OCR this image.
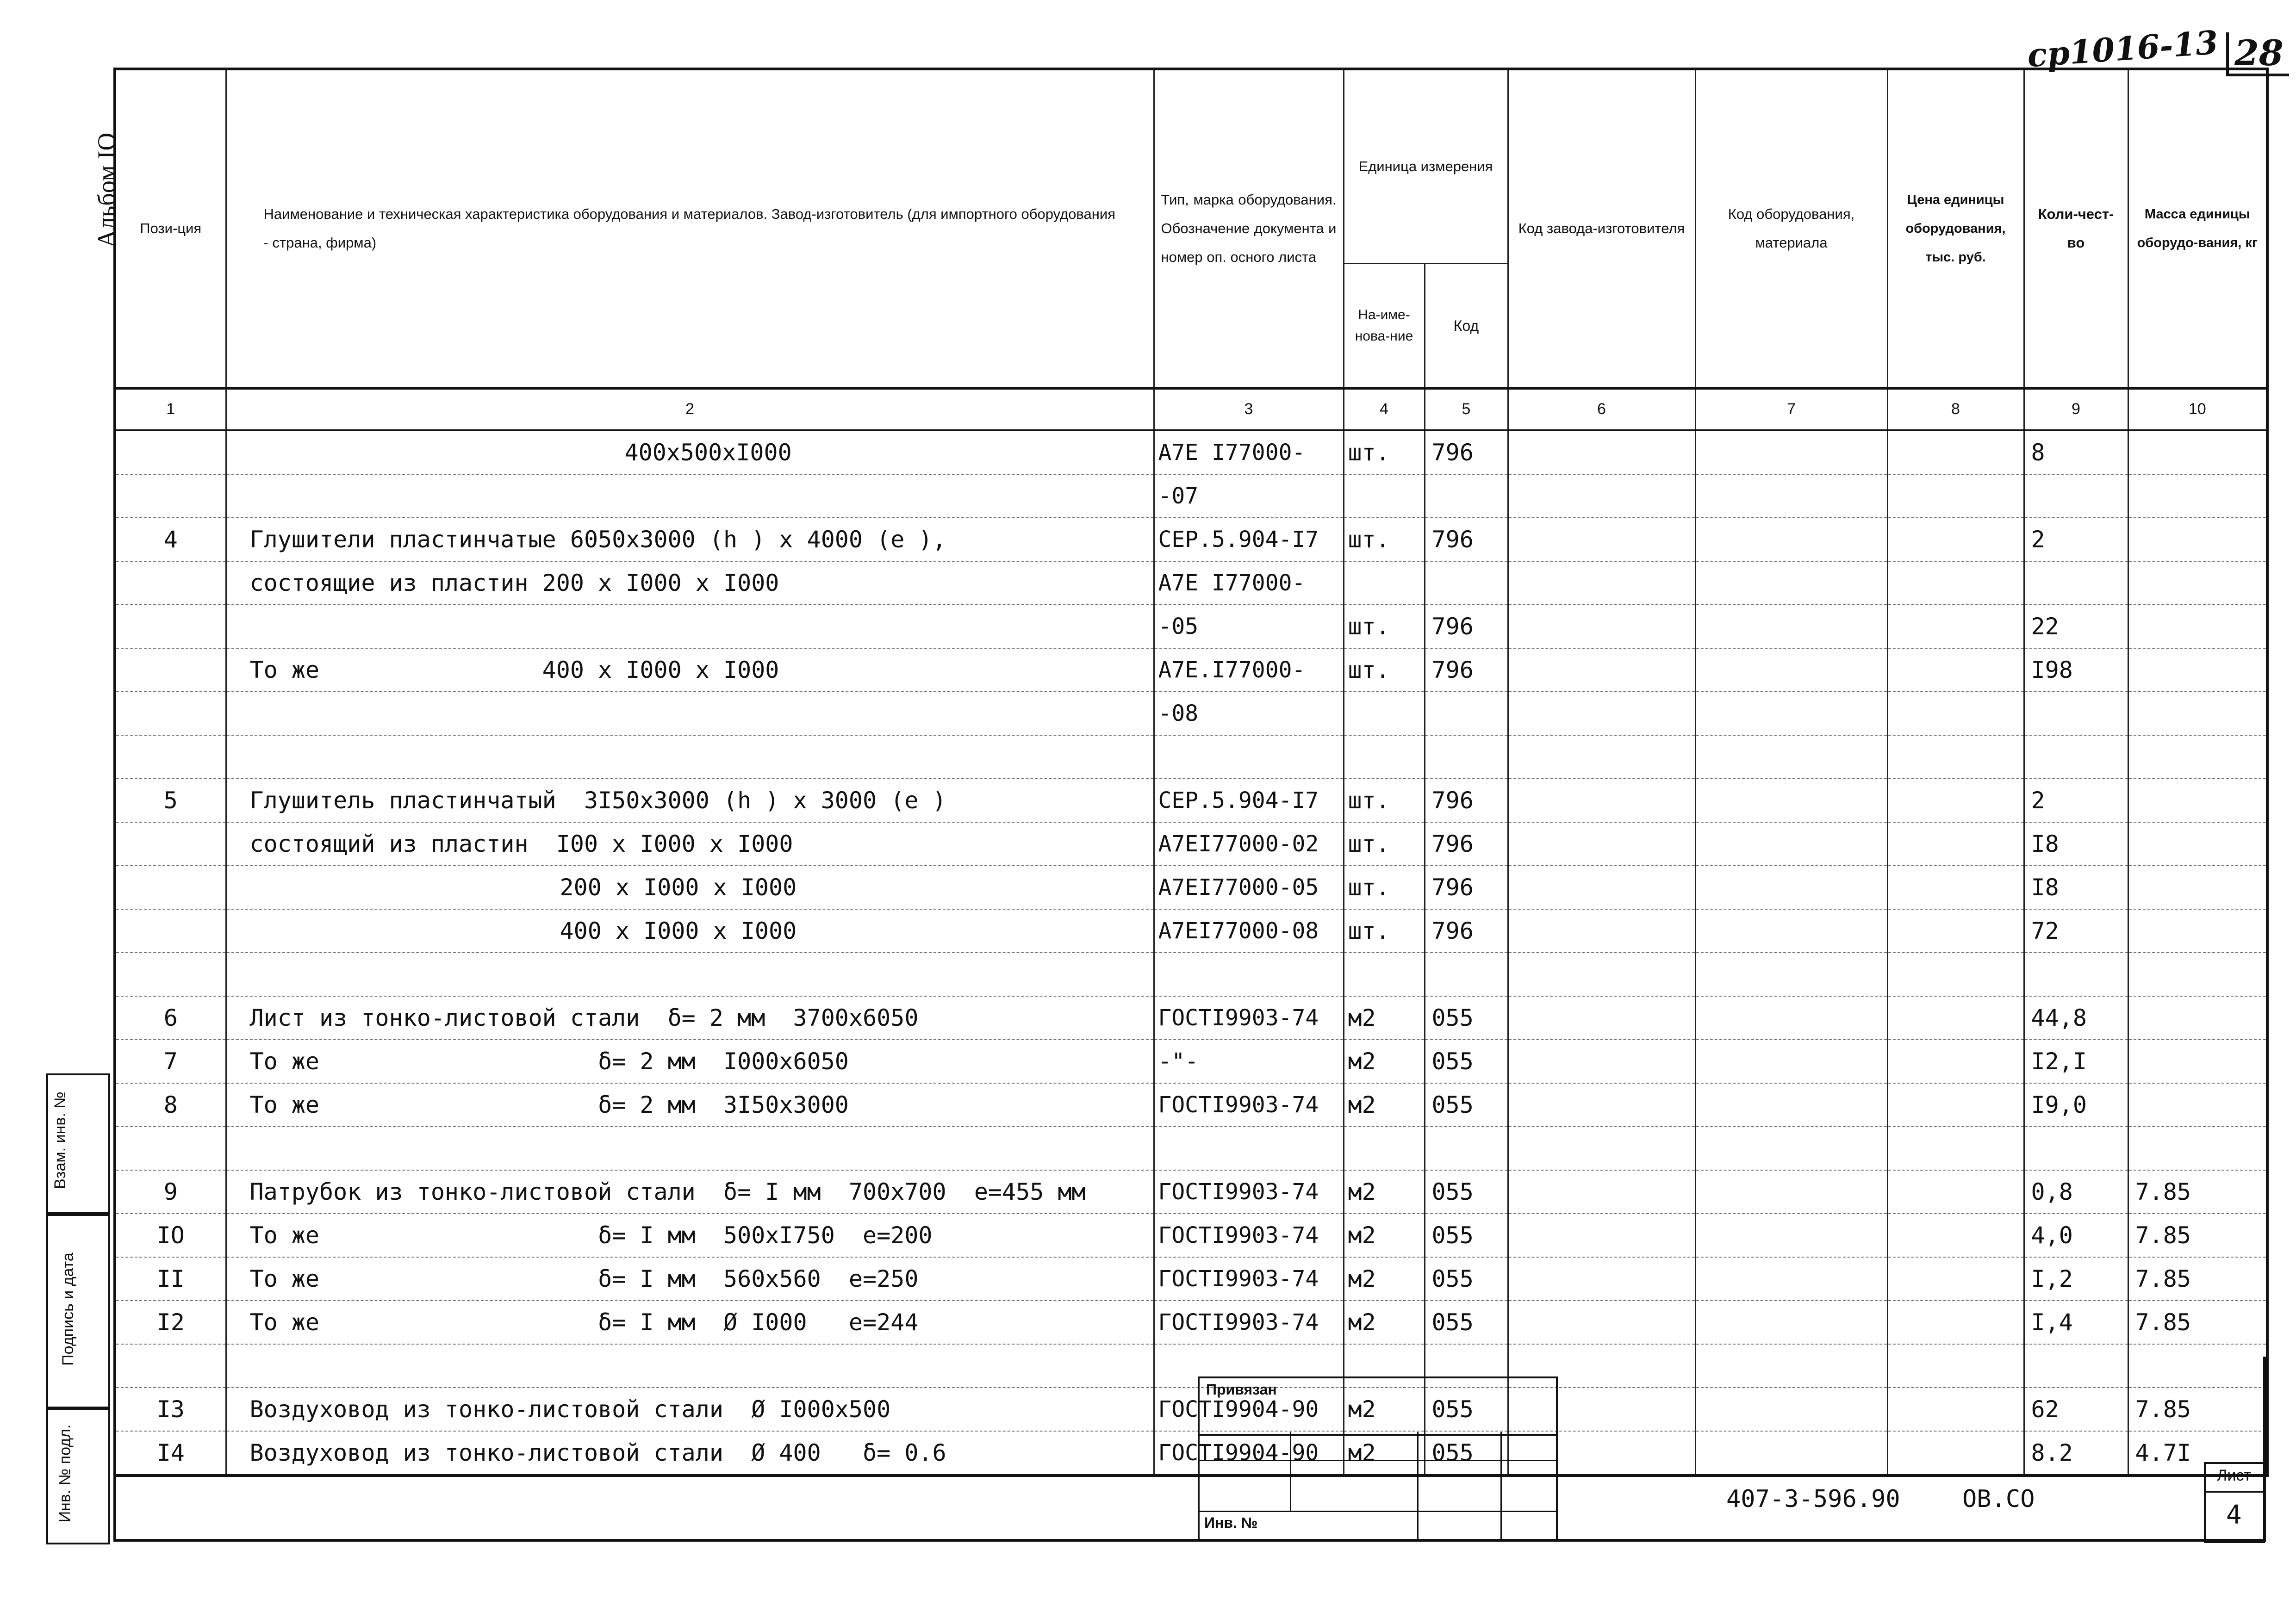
ср1016-13 28
Альбом IO Пози-ция	Наименование и техническая характеристика оборудования и материалов. Завод-изготовитель (для импортного оборудования - страна, фирма)	Тип, марка оборудования. Обозначение документа и номер оп. осного листа	Единица измерения		Код завода-изготовителя	Код оборудования, материала	Цена единицы оборудования, тыс. руб.	Коли-чест-во	Масса единицы оборудо-вания, кг
			На-име-нова-ние	Код					
1	2	3	4	5	6	7	8	9	10
	400x500xI000	A7E I77000-	шт.	796				8	
		-07							
4	Глушители пластинчатые 6050x3000 (h ) x 4000 (e ),	CEP.5.904-I7	шт.	796				2	
	состоящие из пластин 200 x I000 x I000	A7E I77000-							
		-05	шт.	796				22	
	То же                400 x I000 x I000	A7E.I77000-	шт.	796				I98	
		-08							

5	Глушитель пластинчатый  3I50x3000 (h ) x 3000 (e )	CEP.5.904-I7	шт.	796				2	
	состоящий из пластин  I00 x I000 x I000	A7EI77000-02	шт.	796				I8	
	200 x I000 x I000	A7EI77000-05	шт.	796				I8	
	400 x I000 x I000	A7EI77000-08	шт.	796				72	

6	Лист из тонко-листовой стали  δ= 2 мм  3700x6050	ГОСТI9903-74	м2	055				44,8	
7	То же                    δ= 2 мм  I000x6050	-"-	м2	055				I2,I	
8	То же                    δ= 2 мм  3I50x3000	ГОСТI9903-74	м2	055				I9,0	

9	Патрубок из тонко-листовой стали  δ= I мм  700x700  e=455 мм	ГОСТI9903-74	м2	055				0,8	7.85
IO	То же                    δ= I мм  500xI750  e=200	ГОСТI9903-74	м2	055				4,0	7.85
II	То же                    δ= I мм  560x560  e=250	ГОСТI9903-74	м2	055				I,2	7.85
I2	То же                    δ= I мм  Ø I000   e=244	ГОСТI9903-74	м2	055				I,4	7.85

I3	Воздуховод из тонко-листовой стали  Ø I000x500	ГОСТI9904-90	м2	055				62	7.85
I4	Воздуховод из тонко-листовой стали  Ø 400   δ= 0.6	ГОСТI9904-90	м2	055				8.2	4.7I
Взам. инв. №
Подпись и дата
Инв. № подл.
Привязан
Инв. №
407-3-596.90	OB.CO
Лист
4
